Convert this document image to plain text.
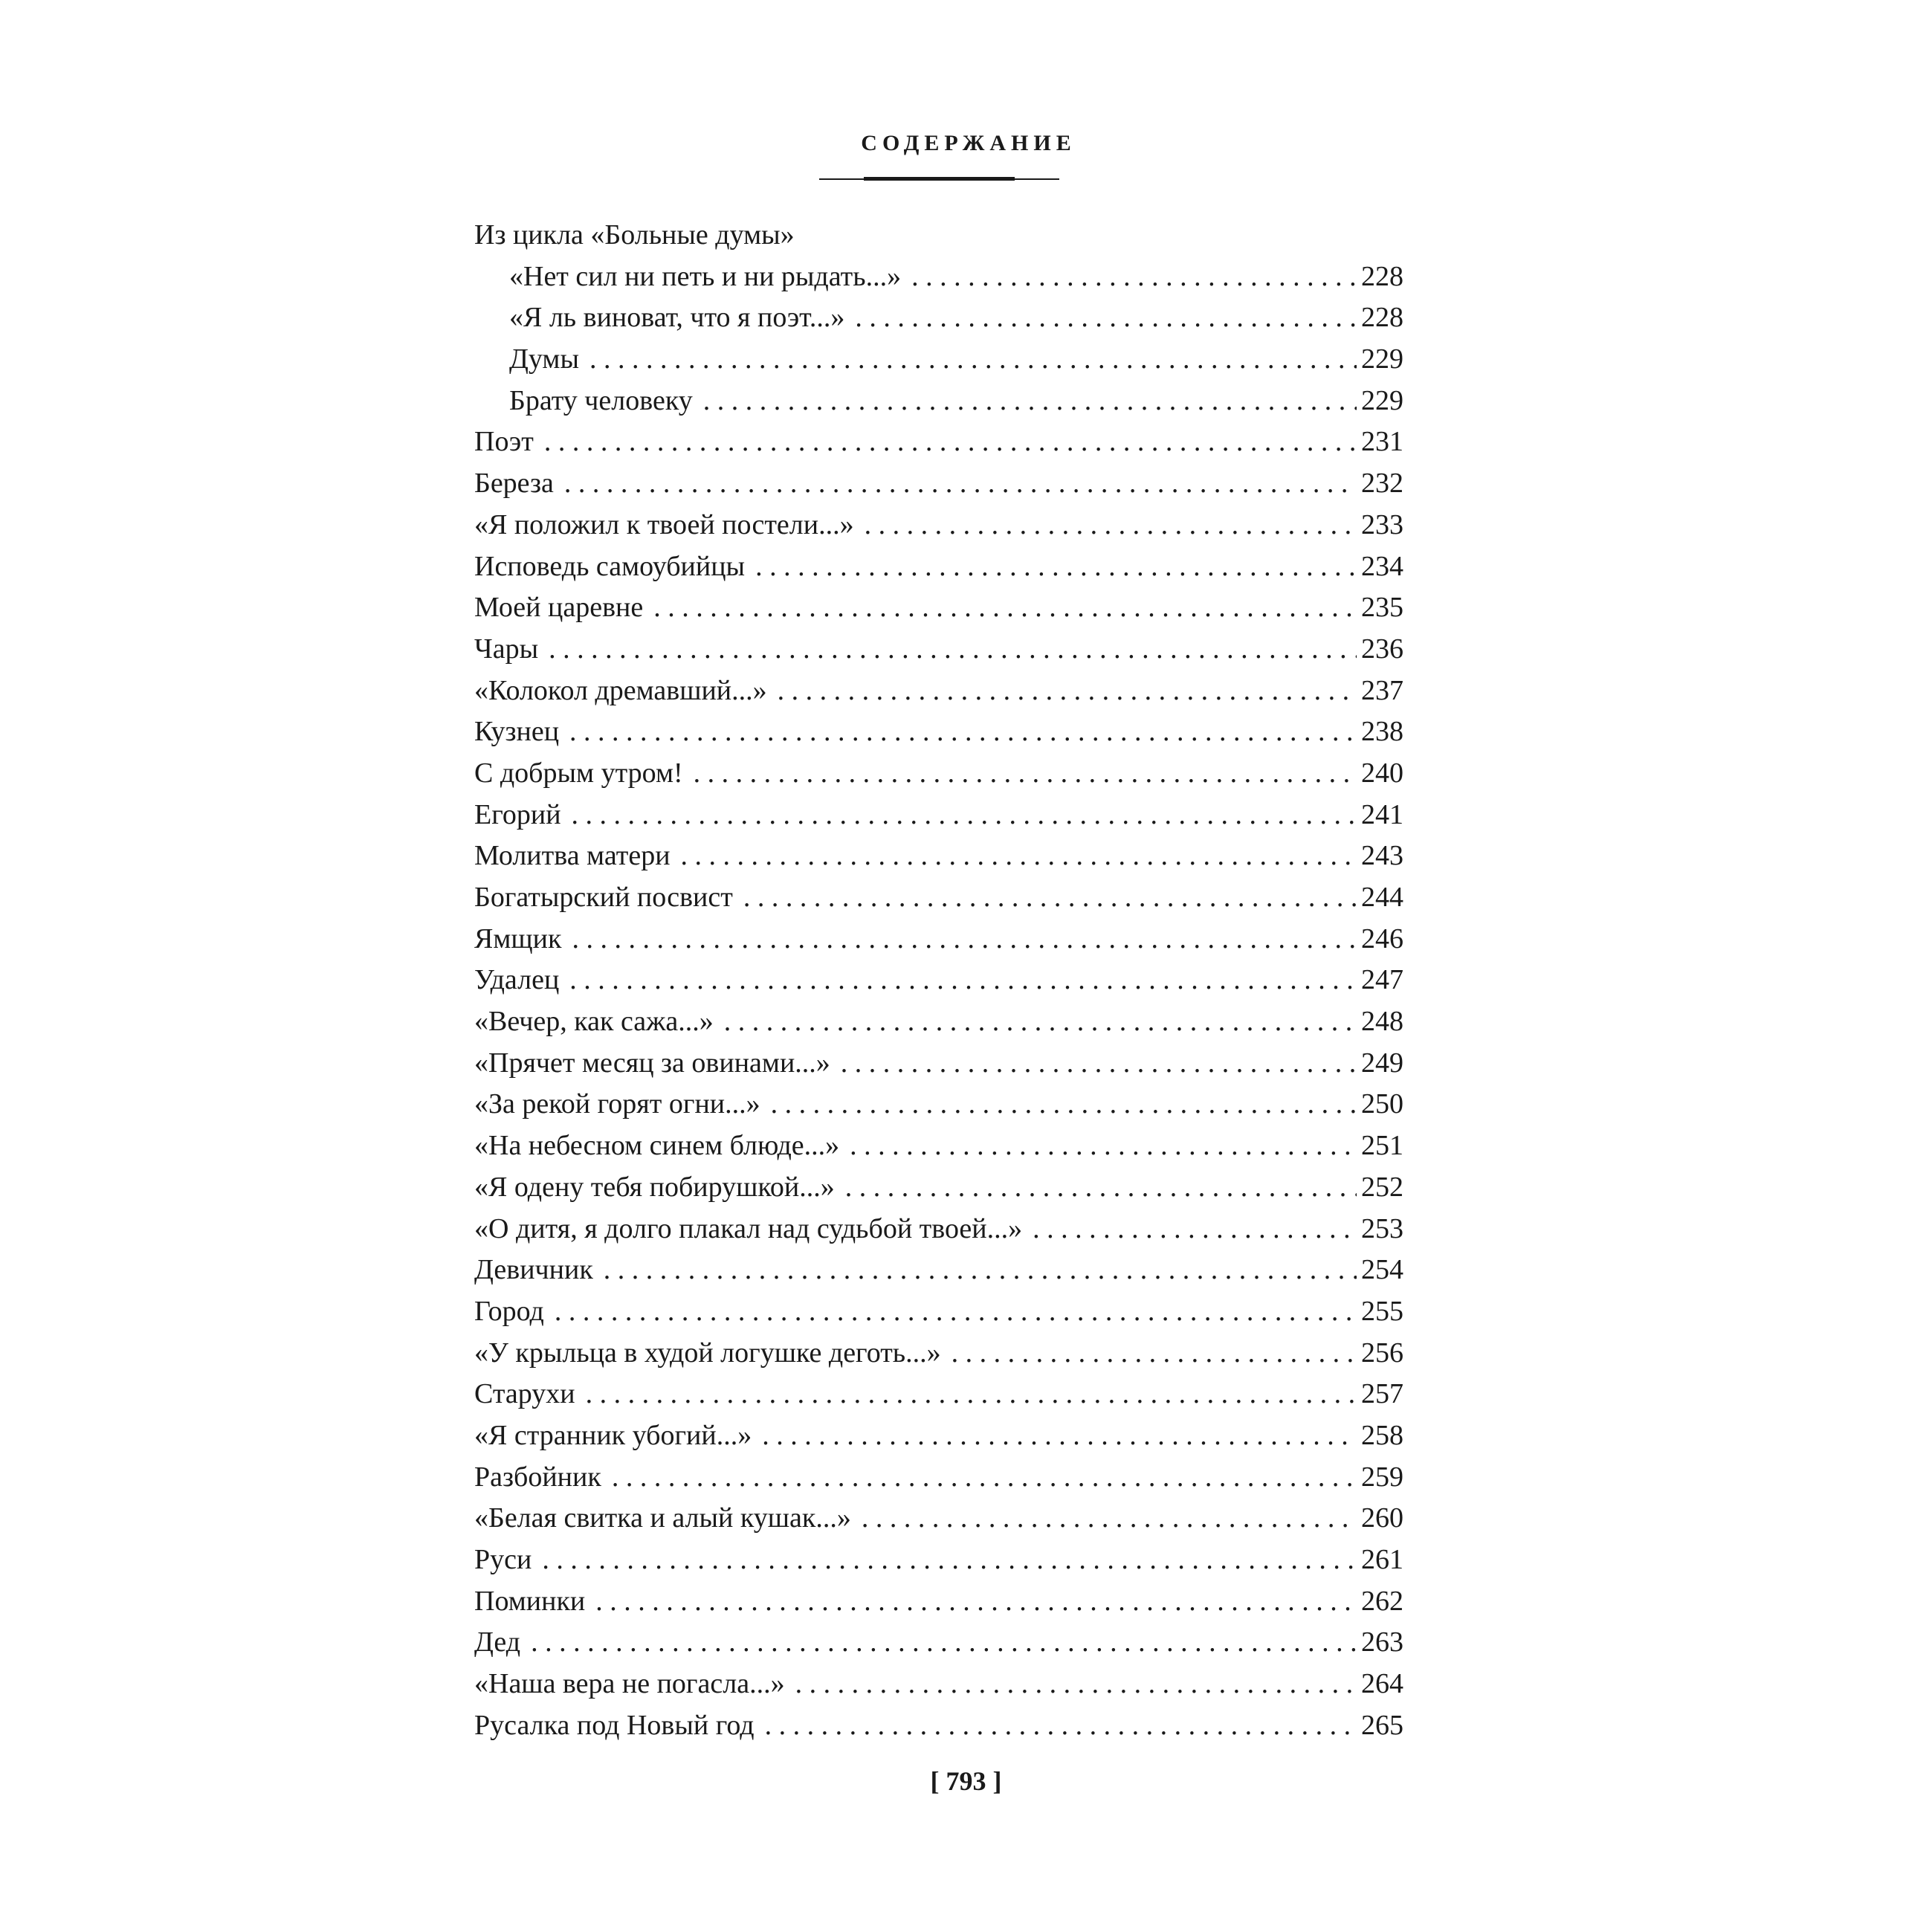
СОДЕРЖАНИЕ
Из цикла «Больные думы»
«Нет сил ни петь и ни рыдать...» . . .	228
«Я ль виноват, что я поэт...» . . .	228
Думы . . .	229
Брату человеку . . .	229
Поэт . . .	231
Береза . . .	232
«Я положил к твоей постели...» . . .	233
Исповедь самоубийцы . . .	234
Моей царевне . . .	235
Чары . . .	236
«Колокол дремавший...» . . .	237
Кузнец . . .	238
С добрым утром! . . .	240
Егорий . . .	241
Молитва матери . . .	243
Богатырский посвист . . .	244
Ямщик . . .	246
Удалец . . .	247
«Вечер, как сажа...» . . .	248
«Прячет месяц за овинами...» . . .	249
«За рекой горят огни...» . . .	250
«На небесном синем блюде...» . . .	251
«Я одену тебя побирушкой...» . . .	252
«О дитя, я долго плакал над судьбой твоей...» . . .	253
Девичник . . .	254
Город . . .	255
«У крыльца в худой логушке деготь...» . . .	256
Старухи . . .	257
«Я странник убогий...» . . .	258
Разбойник . . .	259
«Белая свитка и алый кушак...» . . .	260
Руси . . .	261
Поминки . . .	262
Дед . . .	263
«Наша вера не погасла...» . . .	264
Русалка под Новый год . . .	265
[ 793 ]
